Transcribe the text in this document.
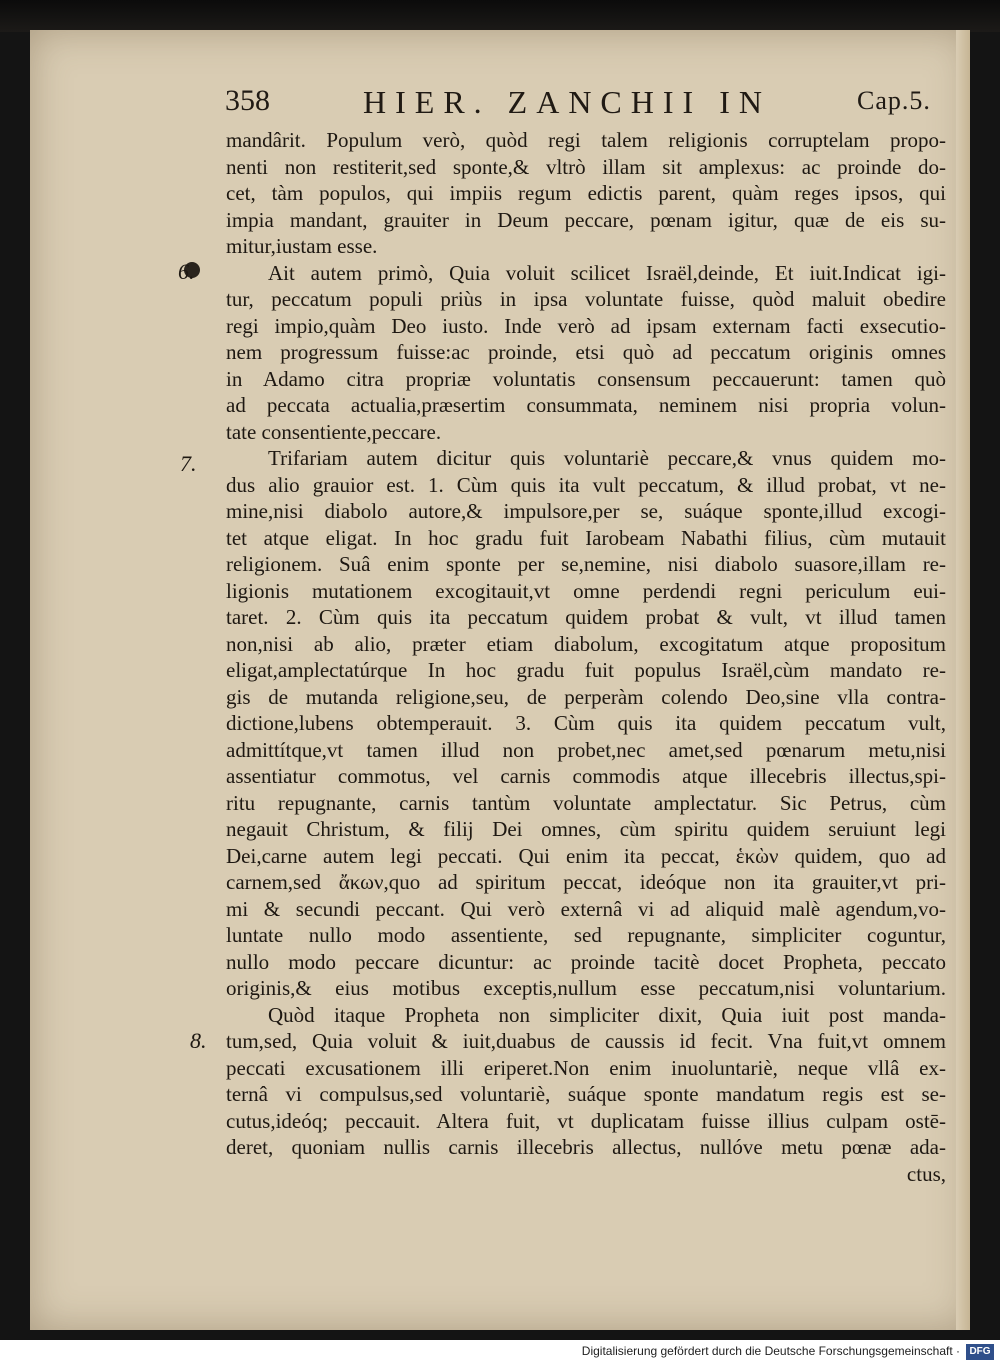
358	HIER. ZANCHII IN	Cap.5.
6.
7.
8.
mandârit. Populum verò, quòd regi talem religionis corruptelam propo-
nenti non restiterit,sed sponte,& vltrò illam sit amplexus: ac proinde do-
cet, tàm populos, qui impiis regum edictis parent, quàm reges ipsos, qui
impia mandant, grauiter in Deum peccare, pœnam igitur, quæ de eis su-
mitur,iustam esse.
Ait autem primò, Quia voluit scilicet Israël,deinde, Et iuit.Indicat igi-
tur, peccatum populi priùs in ipsa voluntate fuisse, quòd maluit obedire
regi impio,quàm Deo iusto. Inde verò ad ipsam externam facti exsecutio-
nem progressum fuisse:ac proinde, etsi quò ad peccatum originis omnes
in Adamo citra propriæ voluntatis consensum peccauerunt: tamen quò
ad peccata actualia,præsertim consummata, neminem nisi propria volun-
tate consentiente,peccare.
Trifariam autem dicitur quis voluntariè peccare,& vnus quidem mo-
dus alio grauior est. 1. Cùm quis ita vult peccatum, & illud probat, vt ne-
mine,nisi diabolo autore,& impulsore,per se, suáque sponte,illud excogi-
tet atque eligat. In hoc gradu fuit Iarobeam Nabathi filius, cùm mutauit
religionem. Suâ enim sponte per se,nemine, nisi diabolo suasore,illam re-
ligionis mutationem excogitauit,vt omne perdendi regni periculum eui-
taret. 2. Cùm quis ita peccatum quidem probat & vult, vt illud tamen
non,nisi ab alio, præter etiam diabolum, excogitatum atque propositum
eligat,amplectatúrque In hoc gradu fuit populus Israël,cùm mandato re-
gis de mutanda religione,seu, de perperàm colendo Deo,sine vlla contra-
dictione,lubens obtemperauit. 3. Cùm quis ita quidem peccatum vult,
admittítque,vt tamen illud non probet,nec amet,sed pœnarum metu,nisi
assentiatur commotus, vel carnis commodis atque illecebris illectus,spi-
ritu repugnante, carnis tantùm voluntate amplectatur. Sic Petrus, cùm
negauit Christum, & filij Dei omnes, cùm spiritu quidem seruiunt legi
Dei,carne autem legi peccati. Qui enim ita peccat, ἑκὼν quidem, quo ad
carnem,sed ἄκων,quo ad spiritum peccat, ideóque non ita grauiter,vt pri-
mi & secundi peccant. Qui verò externâ vi ad aliquid malè agendum,vo-
luntate nullo modo assentiente, sed repugnante, simpliciter coguntur,
nullo modo peccare dicuntur: ac proinde tacitè docet Propheta, peccato
originis,& eius motibus exceptis,nullum esse peccatum,nisi voluntarium.
Quòd itaque Propheta non simpliciter dixit, Quia iuit post manda-
tum,sed, Quia voluit & iuit,duabus de caussis id fecit. Vna fuit,vt omnem
peccati excusationem illi eriperet.Non enim inuoluntariè, neque vllâ ex-
ternâ vi compulsus,sed voluntariè, suáque sponte mandatum regis est se-
cutus,ideóq; peccauit. Altera fuit, vt duplicatam fuisse illius culpam ostē-
deret, quoniam nullis carnis illecebris allectus, nullóve metu pœnæ ada-
ctus,
Digitalisierung gefördert durch die Deutsche Forschungsgemeinschaft · DFG
